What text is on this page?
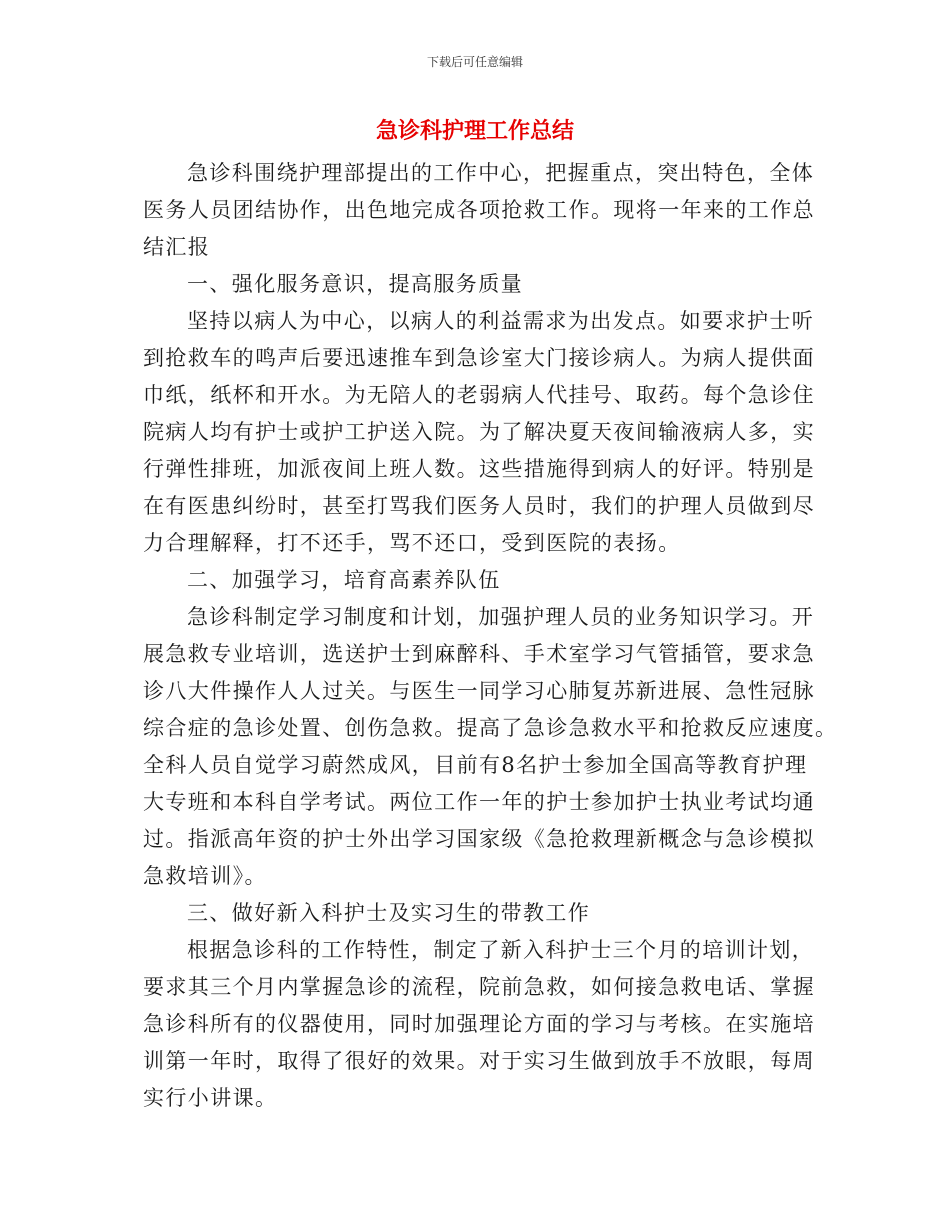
下载后可任意编辑
急诊科护理工作总结
急诊科围绕护理部提出的工作中心，把握重点，突出特色，全体
医务人员团结协作，出色地完成各项抢救工作。现将一年来的工作总
结汇报
一、强化服务意识，提高服务质量
坚持以病人为中心，以病人的利益需求为出发点。如要求护士听
到抢救车的鸣声后要迅速推车到急诊室大门接诊病人。为病人提供面
巾纸，纸杯和开水。为无陪人的老弱病人代挂号、取药。每个急诊住
院病人均有护士或护工护送入院。为了解决夏天夜间输液病人多，实
行弹性排班，加派夜间上班人数。这些措施得到病人的好评。特别是
在有医患纠纷时，甚至打骂我们医务人员时，我们的护理人员做到尽
力合理解释，打不还手，骂不还口，受到医院的表扬。
二、加强学习，培育高素养队伍
急诊科制定学习制度和计划，加强护理人员的业务知识学习。开
展急救专业培训，选送护士到麻醉科、手术室学习气管插管，要求急
诊八大件操作人人过关。与医生一同学习心肺复苏新进展、急性冠脉
综合症的急诊处置、创伤急救。提高了急诊急救水平和抢救反应速度。
全科人员自觉学习蔚然成风，目前有8名护士参加全国高等教育护理
大专班和本科自学考试。两位工作一年的护士参加护士执业考试均通
过。指派高年资的护士外出学习国家级《急抢救理新概念与急诊模拟
急救培训》。
三、做好新入科护士及实习生的带教工作
根据急诊科的工作特性，制定了新入科护士三个月的培训计划，
要求其三个月内掌握急诊的流程，院前急救，如何接急救电话、掌握
急诊科所有的仪器使用，同时加强理论方面的学习与考核。在实施培
训第一年时，取得了很好的效果。对于实习生做到放手不放眼，每周
实行小讲课。
